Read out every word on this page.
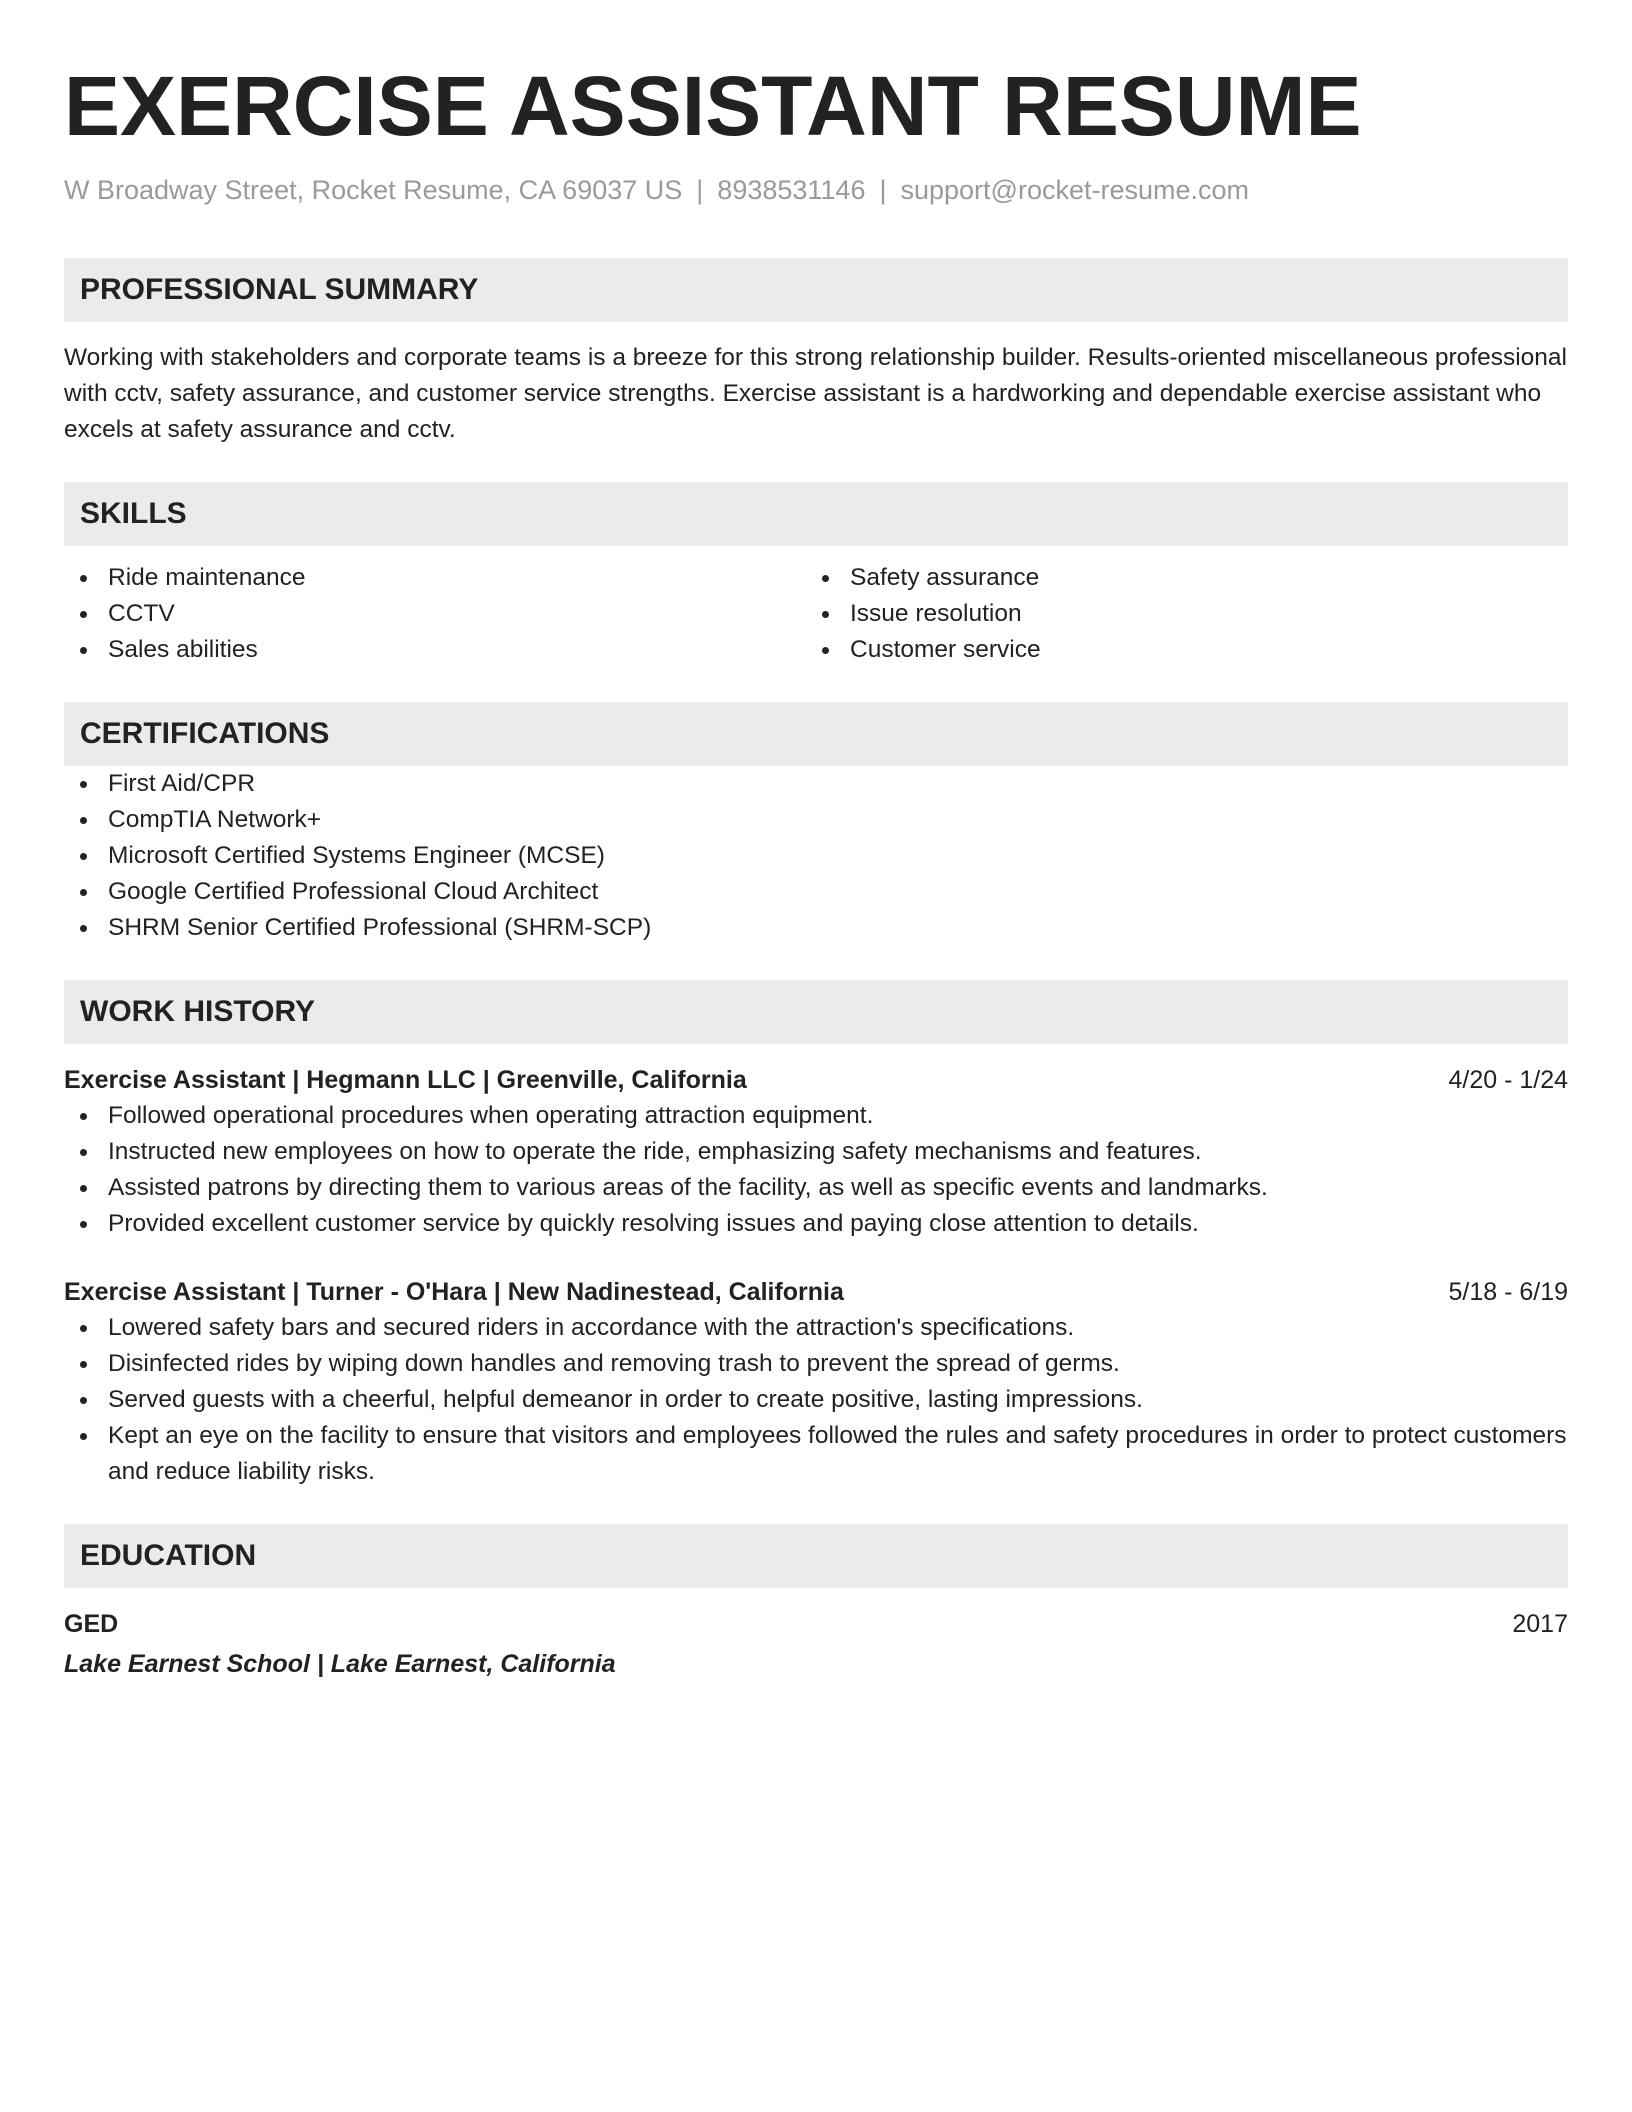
EXERCISE ASSISTANT RESUME
W Broadway Street, Rocket Resume, CA 69037 US | 8938531146 | support@rocket-resume.com
PROFESSIONAL SUMMARY
Working with stakeholders and corporate teams is a breeze for this strong relationship builder. Results-oriented miscellaneous professional with cctv, safety assurance, and customer service strengths. Exercise assistant is a hardworking and dependable exercise assistant who excels at safety assurance and cctv.
SKILLS
Ride maintenance
CCTV
Sales abilities
Safety assurance
Issue resolution
Customer service
CERTIFICATIONS
First Aid/CPR
CompTIA Network+
Microsoft Certified Systems Engineer (MCSE)
Google Certified Professional Cloud Architect
SHRM Senior Certified Professional (SHRM-SCP)
WORK HISTORY
Exercise Assistant | Hegmann LLC | Greenville, California	4/20 - 1/24
Followed operational procedures when operating attraction equipment.
Instructed new employees on how to operate the ride, emphasizing safety mechanisms and features.
Assisted patrons by directing them to various areas of the facility, as well as specific events and landmarks.
Provided excellent customer service by quickly resolving issues and paying close attention to details.
Exercise Assistant | Turner - O'Hara | New Nadinestead, California	5/18 - 6/19
Lowered safety bars and secured riders in accordance with the attraction's specifications.
Disinfected rides by wiping down handles and removing trash to prevent the spread of germs.
Served guests with a cheerful, helpful demeanor in order to create positive, lasting impressions.
Kept an eye on the facility to ensure that visitors and employees followed the rules and safety procedures in order to protect customers and reduce liability risks.
EDUCATION
GED	2017
Lake Earnest School | Lake Earnest, California
